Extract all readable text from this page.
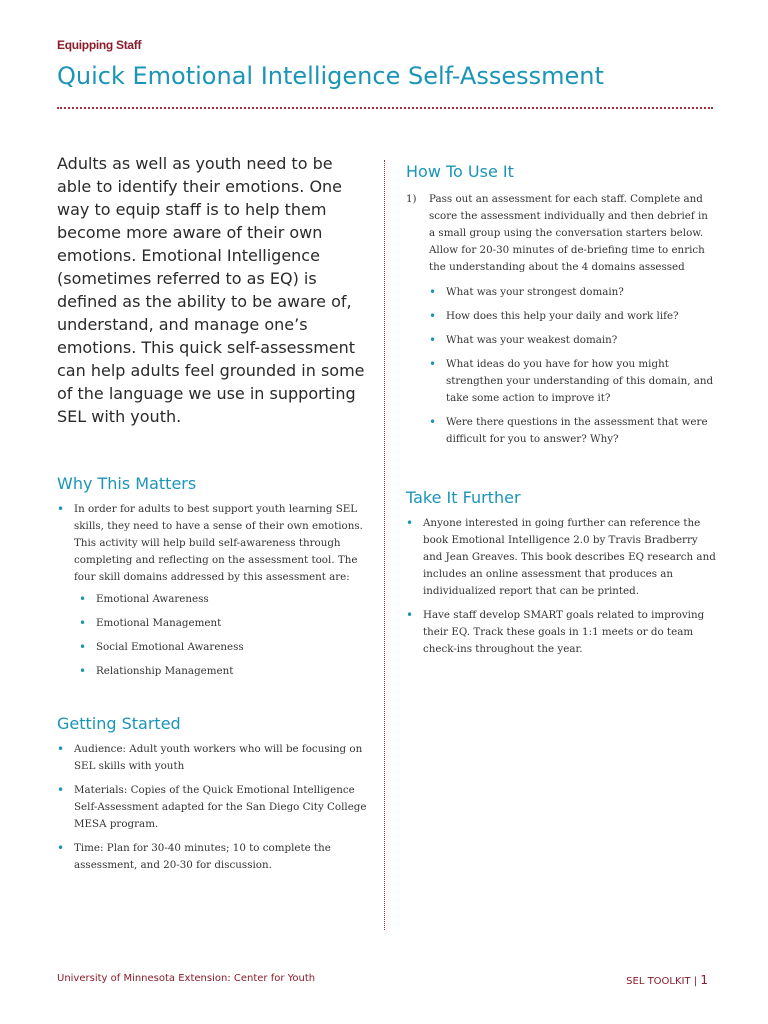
Equipping Staff
Quick Emotional Intelligence Self-Assessment

Adults as well as youth need to be able to identify their emotions. One way to equip staff is to help them become more aware of their own emotions. Emotional Intelligence (sometimes referred to as EQ) is defined as the ability to be aware of, understand, and manage one’s emotions. This quick self-assessment can help adults feel grounded in some of the language we use in supporting SEL with youth.

Why This Matters
• In order for adults to best support youth learning SEL skills, they need to have a sense of their own emotions. This activity will help build self-awareness through completing and reflecting on the assessment tool. The four skill domains addressed by this assessment are:
• Emotional Awareness
• Emotional Management
• Social Emotional Awareness
• Relationship Management
Getting Started
• Audience: Adult youth workers who will be focusing on SEL skills with youth
• Materials: Copies of the Quick Emotional Intelligence Self-Assessment adapted for the San Diego City College MESA program.
• Time: Plan for 30-40 minutes; 10 to complete the assessment, and 20-30 for discussion.
How To Use It
1) Pass out an assessment for each staff. Complete and score the assessment individually and then debrief in a small group using the conversation starters below. Allow for 20-30 minutes of de-briefing time to enrich the understanding about the 4 domains assessed
• What was your strongest domain?
• How does this help your daily and work life?
• What was your weakest domain?
• What ideas do you have for how you might strengthen your understanding of this domain, and take some action to improve it?
• Were there questions in the assessment that were difficult for you to answer? Why?
Take It Further
• Anyone interested in going further can reference the book Emotional Intelligence 2.0 by Travis Bradberry and Jean Greaves. This book describes EQ research and includes an online assessment that produces an individualized report that can be printed.
• Have staff develop SMART goals related to improving their EQ. Track these goals in 1:1 meets or do team check-ins throughout the year.
University of Minnesota Extension: Center for Youth	SEL TOOLKIT | 1
